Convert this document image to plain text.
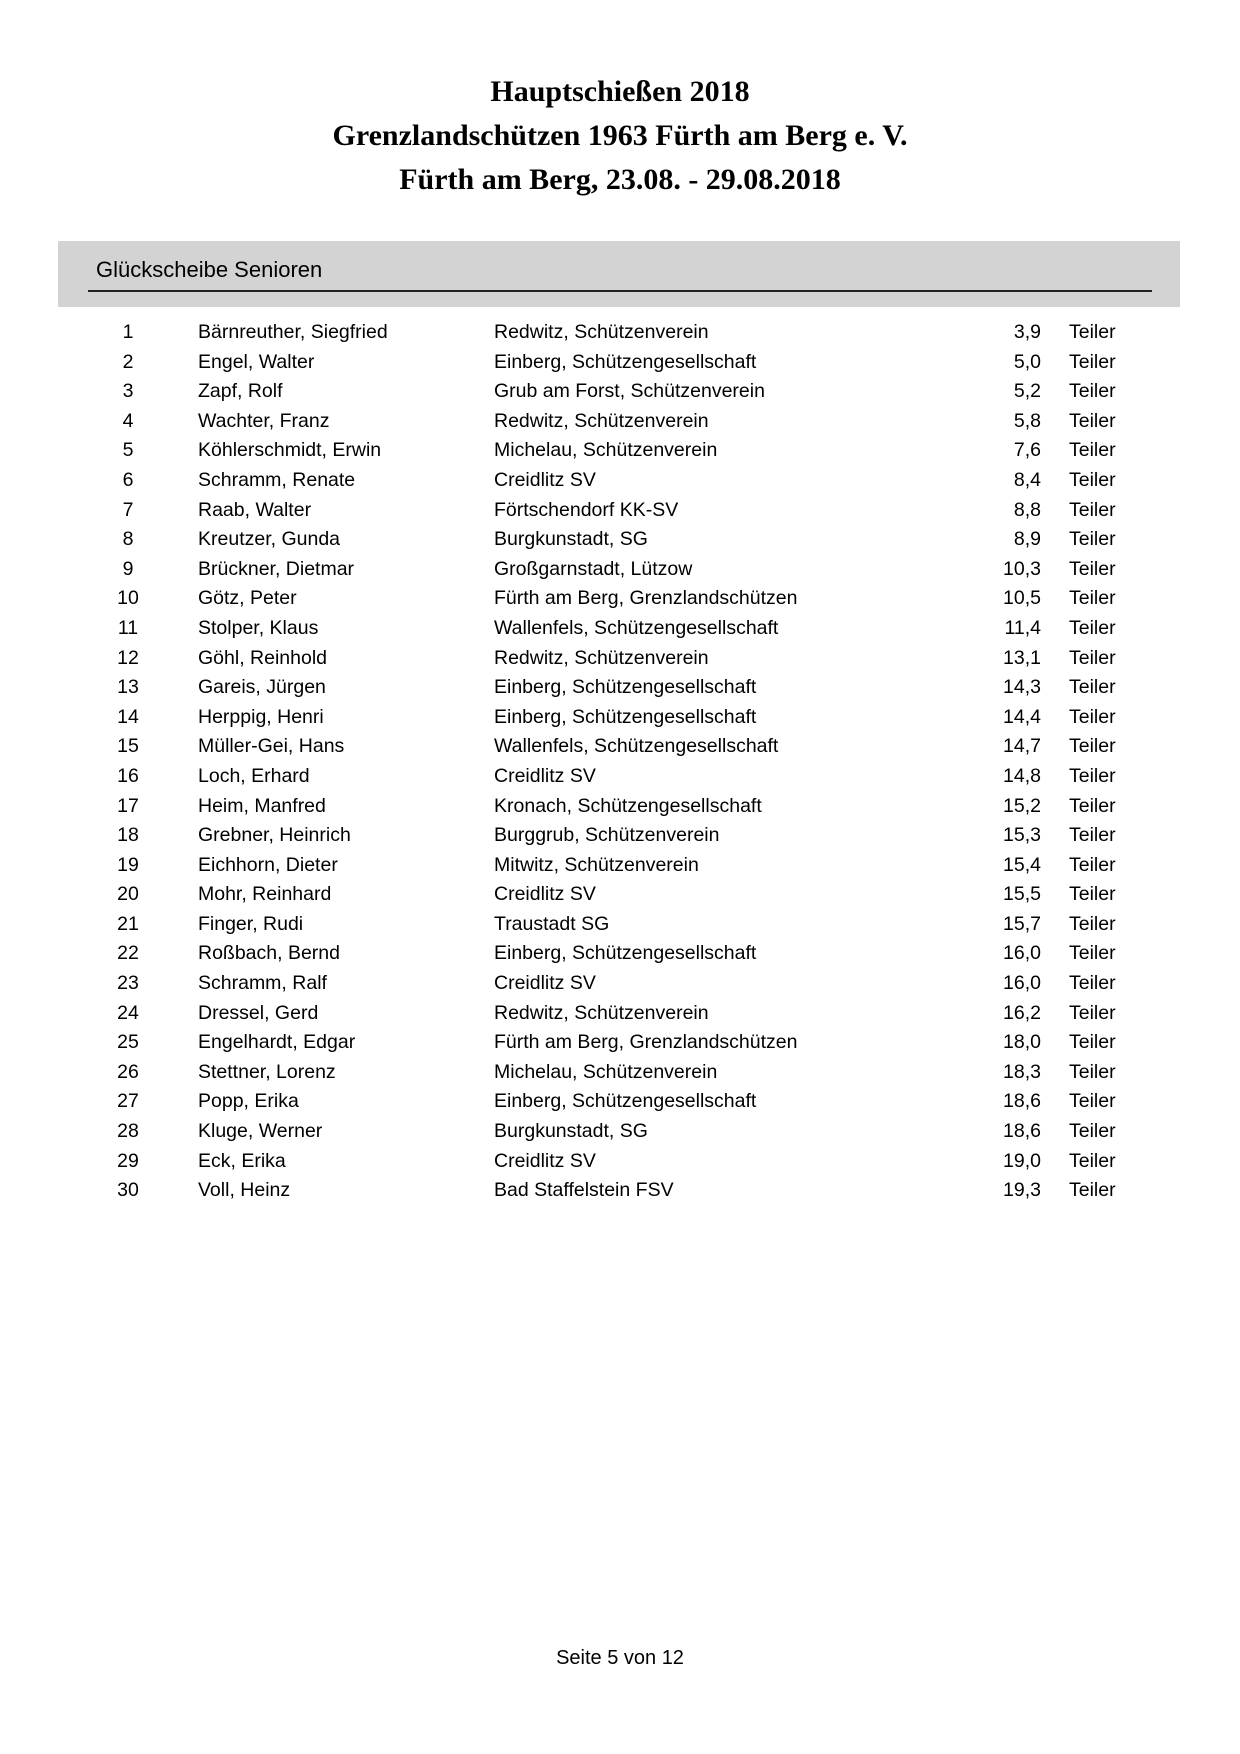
Hauptschießen 2018
Grenzlandschützen 1963 Fürth am Berg e. V.
Fürth am Berg, 23.08. - 29.08.2018
Glückscheibe Senioren
1	Bärnreuther, Siegfried	Redwitz, Schützenverein	3,9 Teiler
2	Engel, Walter	Einberg, Schützengesellschaft	5,0 Teiler
3	Zapf, Rolf	Grub am Forst, Schützenverein	5,2 Teiler
4	Wachter, Franz	Redwitz, Schützenverein	5,8 Teiler
5	Köhlerschmidt, Erwin	Michelau, Schützenverein	7,6 Teiler
6	Schramm, Renate	Creidlitz SV	8,4 Teiler
7	Raab, Walter	Förtschendorf KK-SV	8,8 Teiler
8	Kreutzer, Gunda	Burgkunstadt, SG	8,9 Teiler
9	Brückner, Dietmar	Großgarnstadt, Lützow	10,3 Teiler
10	Götz, Peter	Fürth am Berg, Grenzlandschützen	10,5 Teiler
11	Stolper, Klaus	Wallenfels, Schützengesellschaft	11,4 Teiler
12	Göhl, Reinhold	Redwitz, Schützenverein	13,1 Teiler
13	Gareis, Jürgen	Einberg, Schützengesellschaft	14,3 Teiler
14	Herppig, Henri	Einberg, Schützengesellschaft	14,4 Teiler
15	Müller-Gei, Hans	Wallenfels, Schützengesellschaft	14,7 Teiler
16	Loch, Erhard	Creidlitz SV	14,8 Teiler
17	Heim, Manfred	Kronach, Schützengesellschaft	15,2 Teiler
18	Grebner, Heinrich	Burggrub, Schützenverein	15,3 Teiler
19	Eichhorn, Dieter	Mitwitz, Schützenverein	15,4 Teiler
20	Mohr, Reinhard	Creidlitz SV	15,5 Teiler
21	Finger, Rudi	Traustadt SG	15,7 Teiler
22	Roßbach, Bernd	Einberg, Schützengesellschaft	16,0 Teiler
23	Schramm, Ralf	Creidlitz SV	16,0 Teiler
24	Dressel, Gerd	Redwitz, Schützenverein	16,2 Teiler
25	Engelhardt, Edgar	Fürth am Berg, Grenzlandschützen	18,0 Teiler
26	Stettner, Lorenz	Michelau, Schützenverein	18,3 Teiler
27	Popp, Erika	Einberg, Schützengesellschaft	18,6 Teiler
28	Kluge, Werner	Burgkunstadt, SG	18,6 Teiler
29	Eck, Erika	Creidlitz SV	19,0 Teiler
30	Voll, Heinz	Bad Staffelstein FSV	19,3 Teiler
Seite 5 von 12
